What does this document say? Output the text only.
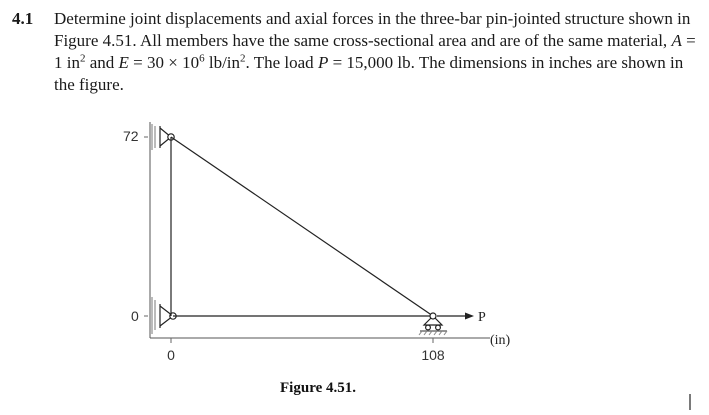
4.1 Determine joint displacements and axial forces in the three-bar pin-jointed structure shown in Figure 4.51. All members have the same cross-sectional area and are of the same material, A = 1 $in^2$ and $E = 30 \times 10^6$ $lb/in^2$. The load P = 15,000 lb. The dimensions in inches are shown in the figure.
72
0	P
0	108
(in)
Figure 4.51.
